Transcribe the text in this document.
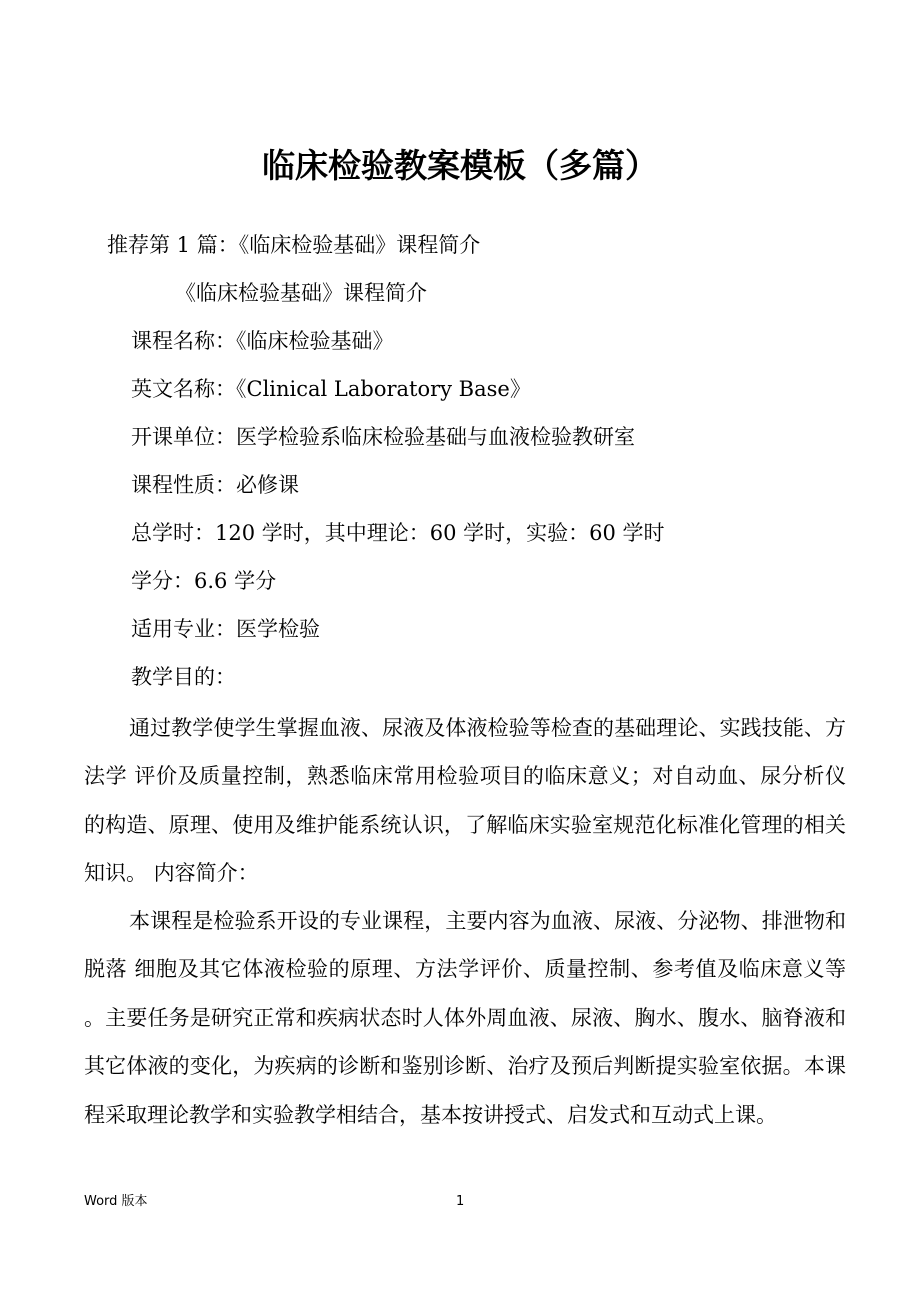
临床检验教案模板（多篇）

推荐第 1 篇：《临床检验基础》课程简介

《临床检验基础》课程简介

课程名称：《临床检验基础》

英文名称：《Clinical Laboratory Base》

开课单位：医学检验系临床检验基础与血液检验教研室

课程性质：必修课

总学时：120 学时，其中理论：60 学时，实验：60 学时

学分：6.6 学分

适用专业：医学检验

教学目的：

通过教学使学生掌握血液、尿液及体液检验等检查的基础理论、实践技能、方法学 评价及质量控制，熟悉临床常用检验项目的临床意义；对自动血、尿分析仪的构造、原理、使用及维护能系统认识，了解临床实验室规范化标准化管理的相关知识。 内容简介：

本课程是检验系开设的专业课程，主要内容为血液、尿液、分泌物、排泄物和脱落 细胞及其它体液检验的原理、方法学评价、质量控制、参考值及临床意义等。主要任务是研究正常和疾病状态时人体外周血液、尿液、胸水、腹水、脑脊液和其它体液的变化，为疾病的诊断和鉴别诊断、治疗及预后判断提实验室依据。本课程采取理论教学和实验教学相结合，基本按讲授式、启发式和互动式上课。

Word 版本	1
